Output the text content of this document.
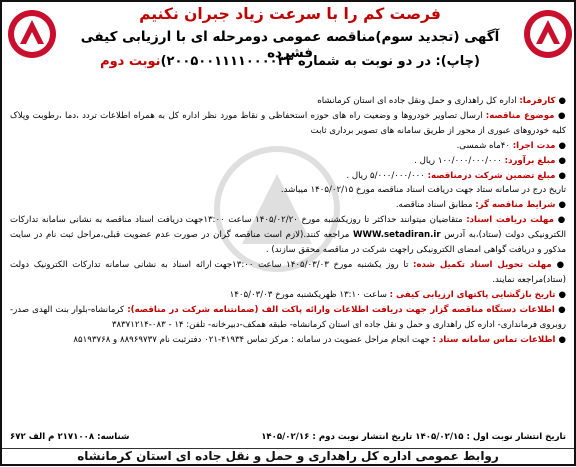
فرصت کم را با سرعت زیاد جبران نکنیم
آگهی (تجدید سوم)مناقصه عمومی دومرحله ای با ارزیابی کیفی فشرده
(چاپ): در دو نوبت به شماره ۲۰۰۵۰۰۱۱۱۱۰۰۰۰۳۳)نوبت دوم

● کارفرما: اداره کل راهداری و حمل ونقل جاده ای استان کرمانشاه

● موضوع مناقصه: ارسال تصاویر خودروها و وضعیت راه های حوزه استحفاظی و نقاط مورد نظر اداره کل به همراه اطلاعات تردد ،دما ،رطوبت وپلاک کلیه خودروهای عبوری از محور از طریق سامانه های تصویر برداری ثابت

● مدت اجرا: ۴۰ماه شمسی.

● مبلغ برآورد: ۱۰۰/۰۰۰/۰۰۰/۰۰۰ ریال .

● مبلغ تضمین شرکت درمناقصه: ۵/۰۰۰/۰۰۰/۰۰۰ ریال .

تاریخ درج در سامانه ستاد جهت دریافت اسناد مناقصه مورخ ۱۴۰۵/۰۲/۱۵ میباشد.

● شرایط مناقصه گر: مطابق اسناد مناقصه.

● مهلت دریافت اسناد: متقاضیان میتوانند حداکثر تا روزیکشنبه مورخ ۱۴۰۵/۰۲/۲۰ ساعت ۱۳:۰۰جهت دریافت اسناد مناقصه به نشانی سامانه تدارکات الکترونیکی دولت (ستاد)،به آدرس WWW.setadiran.ir مراجعه کنند.(لازم است مناقصه گران در صورت عدم عضویت قبلی،مراحل ثبت نام در سایت مذکور و دریافت گواهی امضای الکترونیکی راجهت شرکت در مناقصه محقق سازند) .

● مهلت تحویل اسناد تکمیل شده: تا روز یکشنبه مورخ ۱۴۰۵/۰۳/۰۳ ساعت ۱۳:۰۰جهت ارائه اسناد به نشانی سامانه تدارکات الکترونیک دولت (ستاد)مراجعه نمایند.

● تاریخ بازگشایی پاکتهای ارزیابی کیفی : ساعت ۱۳:۱۰ ظهریکشنبه مورخ ۱۴۰۵/۰۳/۰۳

● اطلاعات دستگاه مناقصه گزار جهت دریافت اطلاعات وارائه پاکت الف (ضمانتنامه شرکت در مناقصه): کرمانشاه-بلوار بنت الهدی صدر- روبروی فرمانداری- اداره کل راهداری و حمل و نقل جاده ای استان کرمانشاه- طبقه همکف-دبیرخانه- تلفن: ۱۴ - ۰۸۳-۳۸۳۷۱۲۱۴

● اطلاعات تماس سامانه ستاد : جهت انجام مراحل عضویت در سامانه : مرکز تماس ۴۱۹۳۴-۰۲۱ دفترثبت نام ۸۸۹۶۹۷۳۷ و ۸۵۱۹۳۷۶۸

تاریخ انتشار نوبت اول : ۱۴۰۵/۰۲/۱۵ تاریخ انتشار نوبت دوم : ۱۴۰۵/۰۲/۱۶
شناسه: ۲۱۷۱۰۰۸ م الف ۶۷۲
روابط عمومی اداره کل راهداری و حمل و نقل جاده ای استان کرمانشاه
